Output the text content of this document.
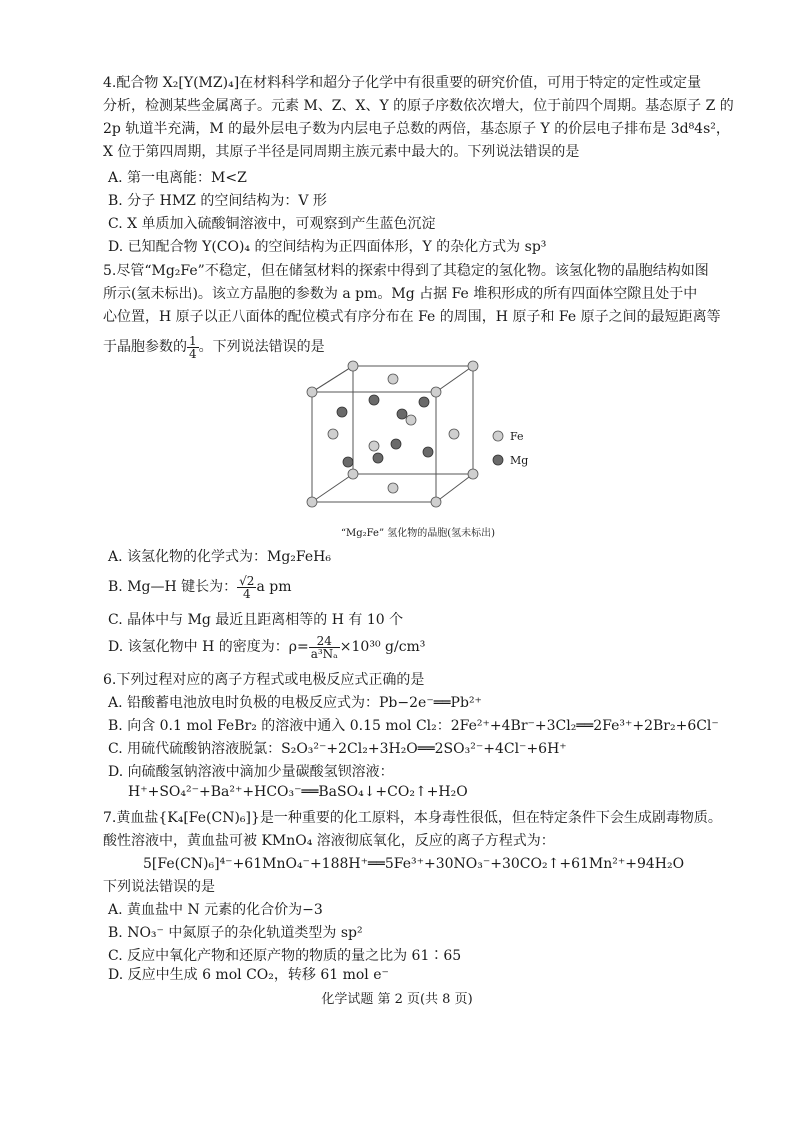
4.配合物 X₂[Y(MZ)₄]在材料科学和超分子化学中有很重要的研究价值，可用于特定的定性或定量
分析，检测某些金属离子。元素 M、Z、X、Y 的原子序数依次增大，位于前四个周期。基态原子 Z 的
2p 轨道半充满，M 的最外层电子数为内层电子总数的两倍，基态原子 Y 的价层电子排布是 3d⁸4s²，
X 位于第四周期，其原子半径是同周期主族元素中最大的。下列说法错误的是
A. 第一电离能：M<Z
B. 分子 HMZ 的空间结构为：V 形
C. X 单质加入硫酸铜溶液中，可观察到产生蓝色沉淀
D. 已知配合物 Y(CO)₄ 的空间结构为正四面体形，Y 的杂化方式为 sp³
5.尽管“Mg₂Fe”不稳定，但在储氢材料的探索中得到了其稳定的氢化物。该氢化物的晶胞结构如图
所示(氢未标出)。该立方晶胞的参数为 a pm。Mg 占据 Fe 堆积形成的所有四面体空隙且处于中
心位置，H 原子以正八面体的配位模式有序分布在 Fe 的周围，H 原子和 Fe 原子之间的最短距离等
于晶胞参数的 $\frac{1}{4}$ 。下列说法错误的是
Fe
Mg
“Mg₂Fe” 氢化物的晶胞(氢未标出)
A. 该氢化物的化学式为：Mg₂FeH₆
B. Mg—H 键长为： $\frac{√2}{4}$ a pm
C. 晶体中与 Mg 最近且距离相等的 H 有 10 个
D. 该氢化物中 H 的密度为：$\rho= \frac{24}{\text{a³Nₐ}} \times 10^{30}$ g/cm³
6.下列过程对应的离子方程式或电极反应式正确的是
A. 铅酸蓄电池放电时负极的电极反应式为：Pb−2e⁻══Pb²⁺
B. 向含 0.1 mol FeBr₂ 的溶液中通入 0.15 mol Cl₂：2Fe²⁺+4Br⁻+3Cl₂══2Fe³⁺+2Br₂+6Cl⁻
C. 用硫代硫酸钠溶液脱氯：S₂O₃²⁻+2Cl₂+3H₂O══2SO₃²⁻+4Cl⁻+6H⁺
D. 向硫酸氢钠溶液中滴加少量碳酸氢钡溶液：
H⁺+SO₄²⁻+Ba²⁺+HCO₃⁻══BaSO₄↓+CO₂↑+H₂O
7.黄血盐{K₄[Fe(CN)₆]}是一种重要的化工原料，本身毒性很低，但在特定条件下会生成剧毒物质。
酸性溶液中，黄血盐可被 KMnO₄ 溶液彻底氧化，反应的离子方程式为：
5[Fe(CN)₆]⁴⁻+61MnO₄⁻+188H⁺══5Fe³⁺+30NO₃⁻+30CO₂↑+61Mn²⁺+94H₂O
下列说法错误的是
A. 黄血盐中 N 元素的化合价为−3
B. NO₃⁻ 中氮原子的杂化轨道类型为 sp²
C. 反应中氧化产物和还原产物的物质的量之比为 61∶65
D. 反应中生成 6 mol CO₂，转移 61 mol e⁻
化学试题 第 2 页(共 8 页)
